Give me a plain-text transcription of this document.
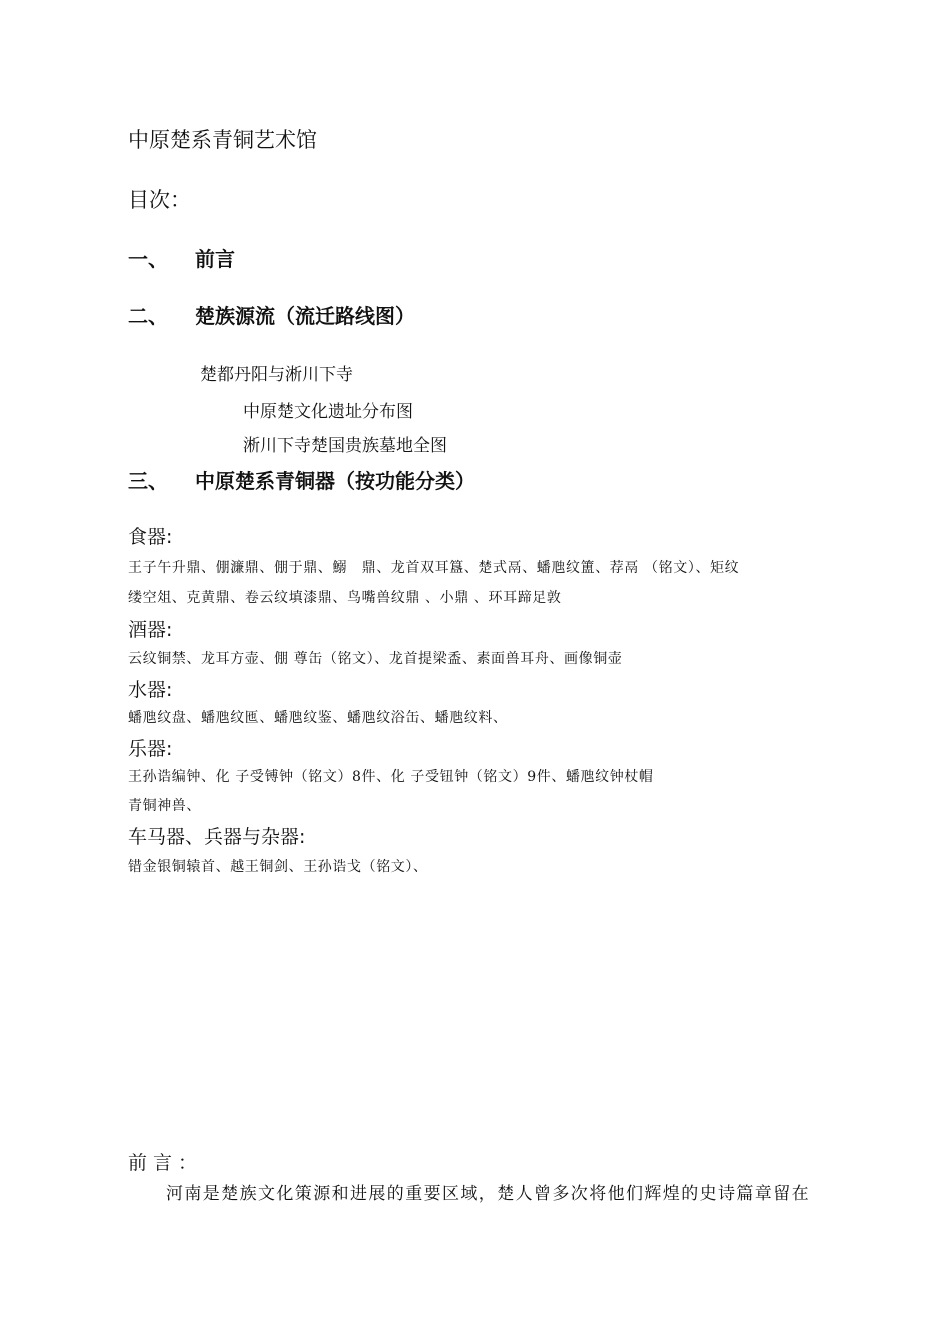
中原楚系青铜艺术馆
目次：
一、 前言
二、 楚族源流（流迁路线图）
楚都丹阳与淅川下寺
中原楚文化遗址分布图
淅川下寺楚国贵族墓地全图
三、 中原楚系青铜器（按功能分类）
食器:
王子午升鼎、倗濂鼎、倗于鼎、鰯　鼎、龙首双耳簋、楚式鬲、蟠虺纹簠、荐鬲 （铭文）、矩纹
缕空俎、克黄鼎、卷云纹填漆鼎、鸟嘴兽纹鼎 、小鼎 、环耳蹄足敦
酒器:
云纹铜禁、龙耳方壶、倗 尊缶（铭文）、龙首提梁盉、素面兽耳舟、画像铜壶
水器:
蟠虺纹盘、蟠虺纹匜、蟠虺纹鉴、蟠虺纹浴缶、蟠虺纹料、
乐器:
王孙诰编钟、化 子受镈钟（铭文）8件、化 子受钮钟（铭文）9件、蟠虺纹钟杖帽
青铜神兽、
车马器、兵器与杂器:
错金银铜辕首、越王铜剑、王孙诰戈（铭文）、
前言：
河南是楚族文化策源和进展的重要区域，楚人曾多次将他们辉煌的史诗篇章留在
